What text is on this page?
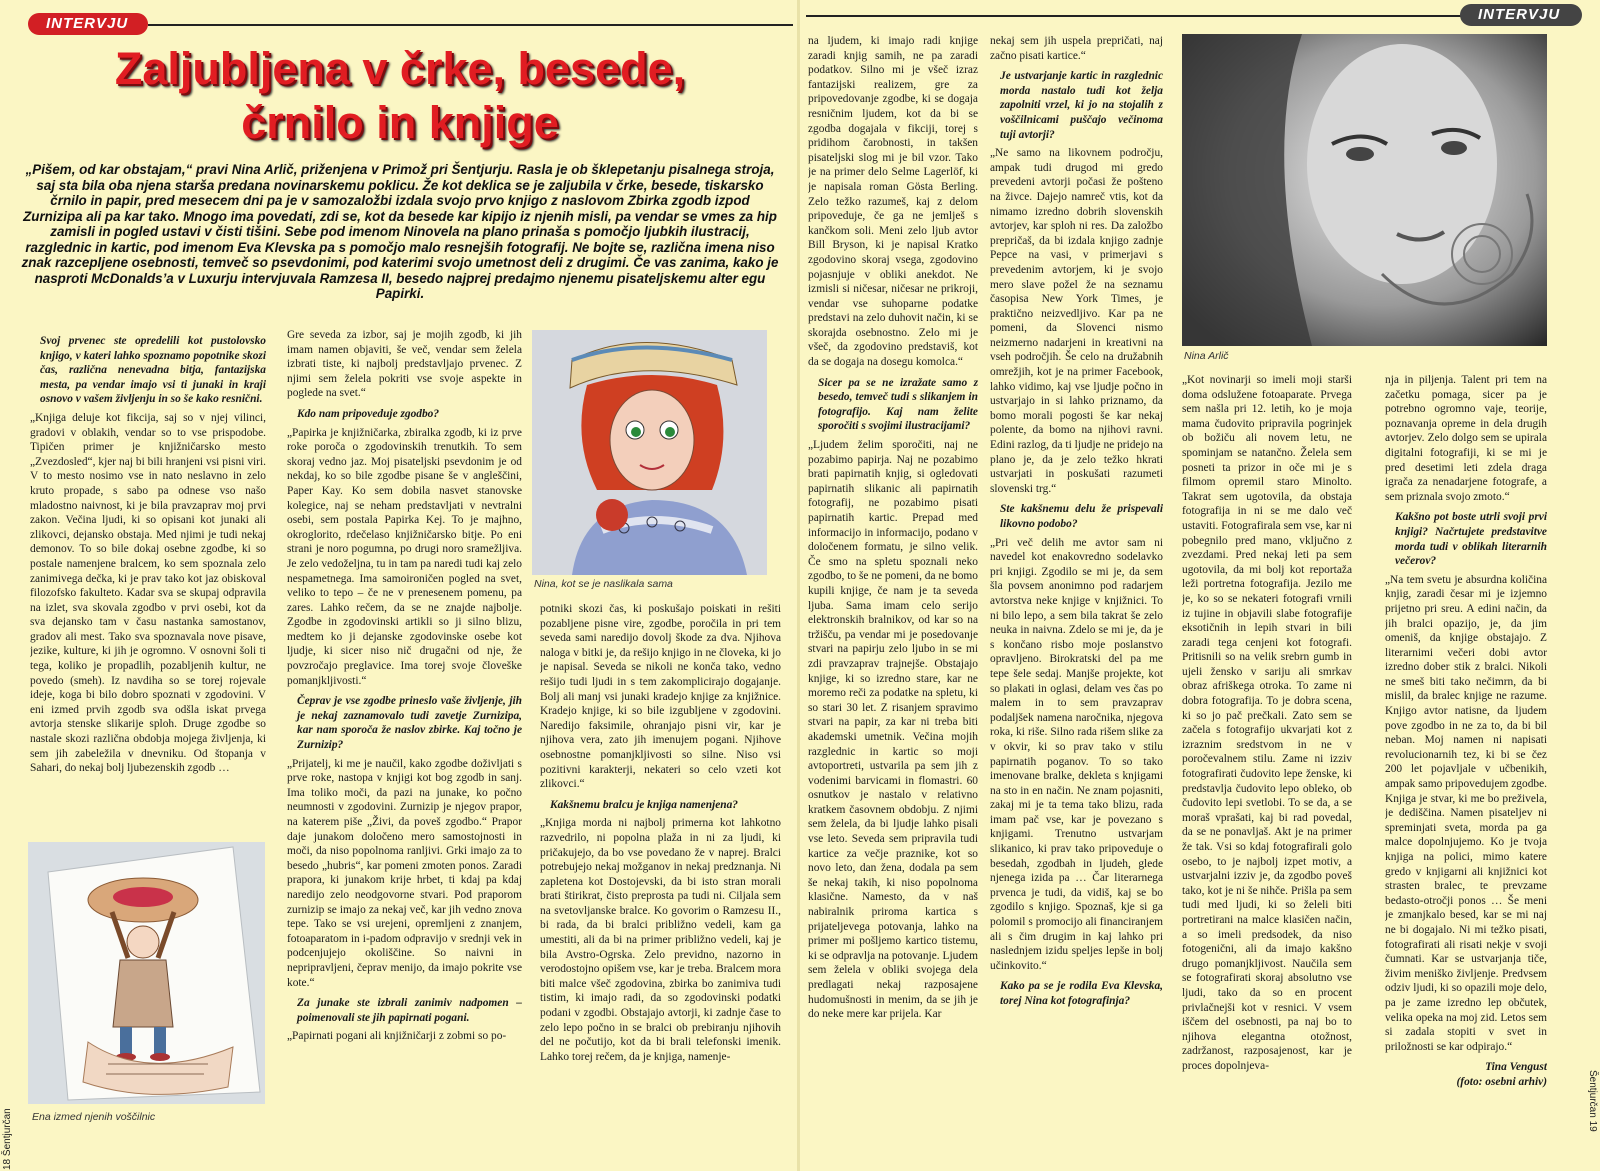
INTERVJU
Zaljubljena v črke, besede,
črnilo in knjige

„Pišem, od kar obstajam,“ pravi Nina Arlič, priženjena v Primož pri Šentjurju. Rasla je ob šklepetanju pisalnega stroja, saj sta bila oba njena starša predana novinarskemu poklicu. Že kot deklica se je zaljubila v črke, besede, tiskarsko črnilo in papir, pred mesecem dni pa je v samozaložbi izdala svojo prvo knjigo z naslovom Zbirka zgodb izpod Zurnizipa ali pa kar tako. Mnogo ima povedati, zdi se, kot da besede kar kipijo iz njenih misli, pa vendar se vmes za hip zamisli in pogled ustavi v čisti tišini. Sebe pod imenom Ninovela na plano prinaša s pomočjo ljubkih ilustracij, razglednic in kartic, pod imenom Eva Klevska pa s pomočjo malo resnejših fotografij. Ne bojte se, različna imena niso znak razcepljene osebnosti, temveč so psevdonimi, pod katerimi svojo umetnost deli z drugimi. Če vas zanima, kako je nasproti McDonalds’a v Luxurju intervjuvala Ramzesa II, besedo najprej predajmo njenemu pisateljskemu alter egu Papirki.

Svoj prvenec ste opredelili kot pustolovsko knjigo, v kateri lahko spoznamo popotnike skozi čas, različna nenevadna bitja, fantazijska mesta, pa vendar imajo vsi ti junaki in kraji osnovo v vašem življenju in so še kako resnični.

„Knjiga deluje kot fikcija, saj so v njej vilinci, gradovi v oblakih, vendar so to vse prispodobe. Tipičen primer je knjižničarsko mesto „Zvezdosled“, kjer naj bi bili hranjeni vsi pisni viri. V to mesto nosimo vse in nato neslavno in zelo kruto propade, s sabo pa odnese vso našo mladostno naivnost, ki je bila pravzaprav moj prvi zakon. Večina ljudi, ki so opisani kot junaki ali zlikovci, dejansko obstaja. Med njimi je tudi nekaj demonov. To so bile dokaj osebne zgodbe, ki so postale namenjene bralcem, ko sem spoznala zelo zanimivega dečka, ki je prav tako kot jaz obiskoval filozofsko fakulteto. Kadar sva se skupaj odpravila na izlet, sva skovala zgodbo v prvi osebi, kot da sva dejansko tam v času nastanka samostanov, gradov ali mest. Tako sva spoznavala nove pisave, jezike, kulture, ki jih je ogromno. V osnovni šoli ti tega, koliko je propadlih, pozabljenih kultur, ne povedo (smeh). Iz navdiha so se torej rojevale ideje, koga bi bilo dobro spoznati v zgodovini. V eni izmed prvih zgodb sva odšla iskat prvega avtorja stenske slikarije sploh. Druge zgodbe so nastale skozi različna obdobja mojega življenja, ki sem jih zabeležila v dnevniku. Od štopanja v Sahari, do nekaj bolj ljubezenskih zgodb …

Gre seveda za izbor, saj je mojih zgodb, ki jih imam namen objaviti, še več, vendar sem želela izbrati tiste, ki najbolj predstavljajo prvenec. Z njimi sem želela pokriti vse svoje aspekte in poglede na svet.“

Kdo nam pripoveduje zgodbo?

„Papirka je knjižničarka, zbiralka zgodb, ki iz prve roke poroča o zgodovinskih trenutkih. To sem skoraj vedno jaz. Moj pisateljski psevdonim je od nekdaj, ko so bile zgodbe pisane še v angleščini, Paper Kay. Ko sem dobila nasvet stanovske kolegice, naj se neham predstavljati v nevtralni osebi, sem postala Papirka Kej. To je majhno, okroglorito, rdečelaso knjižničarsko bitje. Po eni strani je noro pogumna, po drugi noro sramežljiva. Je zelo vedoželjna, tu in tam pa naredi tudi kaj zelo nespametnega. Ima samoironičen pogled na svet, veliko to tepo – če ne v prenesenem pomenu, pa zares. Lahko rečem, da se ne znajde najbolje. Zgodbe in zgodovinski artikli so ji silno blizu, medtem ko ji dejanske zgodovinske osebe kot ljudje, ki sicer niso nič drugačni od nje, že povzročajo preglavice. Ima torej svoje človeške pomanjkljivosti.“

Čeprav je vse zgodbe prineslo vaše življenje, jih je nekaj zaznamovalo tudi zavetje Zurnizipa, kar nam sporoča že naslov zbirke. Kaj točno je Zurnizip?

„Prijatelj, ki me je naučil, kako zgodbe doživljati s prve roke, nastopa v knjigi kot bog zgodb in sanj. Ima toliko moči, da pazi na junake, ko počno neumnosti v zgodovini. Zurnizip je njegov prapor, na katerem piše „Živi, da poveš zgodbo.“ Prapor daje junakom določeno mero samostojnosti in moči, da niso popolnoma ranljivi. Grki imajo za to besedo „hubris“, kar pomeni zmoten ponos. Zaradi prapora, ki junakom krije hrbet, ti kdaj pa kdaj naredijo zelo neodgovorne stvari. Pod praporom zurnizip se imajo za nekaj več, kar jih vedno znova tepe. Tako se vsi urejeni, opremljeni z znanjem, fotoaparatom in i-padom odpravijo v srednji vek in podcenjujejo okoliščine. So naivni in nepripravljeni, čeprav menijo, da imajo pokrite vse kote.“

Za junake ste izbrali zanimiv nadpomen – poimenovali ste jih papirnati pogani.

„Papirnati pogani ali knjižničarji z zobmi so po-

potniki skozi čas, ki poskušajo poiskati in rešiti pozabljene pisne vire, zgodbe, poročila in pri tem seveda sami naredijo dovolj škode za dva. Njihova naloga v bitki je, da rešijo knjigo in ne človeka, ki jo je napisal. Seveda se nikoli ne konča tako, vedno rešijo tudi ljudi in s tem zakomplicirajo dogajanje. Bolj ali manj vsi junaki kradejo knjige za knjižnice. Kradejo knjige, ki so bile izgubljene v zgodovini. Naredijo faksimile, ohranjajo pisni vir, kar je njihova vera, zato jih imenujem pogani. Njihove osebnostne pomanjkljivosti so silne. Niso vsi pozitivni karakterji, nekateri so celo vzeti kot zlikovci.“

Kakšnemu bralcu je knjiga namenjena?

„Knjiga morda ni najbolj primerna kot lahkotno razvedrilo, ni popolna plaža in ni za ljudi, ki pričakujejo, da bo vse povedano že v naprej. Bralci potrebujejo nekaj možganov in nekaj predznanja. Ni zapletena kot Dostojevski, da bi isto stran morali brati štirikrat, čisto preprosta pa tudi ni. Ciljala sem na svetovljanske bralce. Ko govorim o Ramzesu II., bi rada, da bi bralci približno vedeli, kam ga umestiti, ali da bi na primer približno vedeli, kaj je bila Avstro-Ogrska. Zelo previdno, nazorno in verodostojno opišem vse, kar je treba. Bralcem mora biti malce všeč zgodovina, zbirka bo zanimiva tudi tistim, ki imajo radi, da so zgodovinski podatki podani v zgodbi. Obstajajo avtorji, ki zadnje čase to zelo lepo počno in se bralci ob prebiranju njihovih del ne počutijo, kot da bi brali telefonski imenik. Lahko torej rečem, da je knjiga, namenje-

Ena izmed njenih voščilnic
Nina, kot se je naslikala sama
18 Šentjurčan
INTERVJU

na ljudem, ki imajo radi knjige zaradi knjig samih, ne pa zaradi podatkov. Silno mi je všeč izraz fantazijski realizem, gre za pripovedovanje zgodbe, ki se dogaja resničnim ljudem, kot da bi se zgodba dogajala v fikciji, torej s pridihom čarobnosti, in takšen pisateljski slog mi je bil vzor. Tako je na primer delo Selme Lagerlöf, ki je napisala roman Gösta Berling. Zelo težko razumeš, kaj z delom pripoveduje, če ga ne jemlješ s kančkom soli. Meni zelo ljub avtor Bill Bryson, ki je napisal Kratko zgodovino skoraj vsega, zgodovino pojasnjuje v obliki anekdot. Ne izmisli si ničesar, ničesar ne prikroji, vendar vse suhoparne podatke predstavi na zelo duhovit način, ki se skorajda osebnostno. Zelo mi je všeč, da zgodovino predstaviš, kot da se dogaja na dosegu komolca.“

Sicer pa se ne izražate samo z besedo, temveč tudi s slikanjem in fotografijo. Kaj nam želite sporočiti s svojimi ilustracijami?

„Ljudem želim sporočiti, naj ne pozabimo papirja. Naj ne pozabimo brati papirnatih knjig, si ogledovati papirnatih slikanic ali papirnatih fotografij, ne pozabimo pisati papirnatih kartic. Prepad med informacijo in informacijo, podano v določenem formatu, je silno velik. Če smo na spletu spoznali neko zgodbo, to še ne pomeni, da ne bomo kupili knjige, če nam je ta seveda ljuba. Sama imam celo serijo elektronskih bralnikov, od kar so na tržišču, pa vendar mi je posedovanje stvari na papirju zelo ljubo in se mi zdi pravzaprav trajnejše. Obstajajo knjige, ki so izredno stare, kar ne moremo reči za podatke na spletu, ki so stari 30 let. Z risanjem spravimo stvari na papir, za kar ni treba biti akademski umetnik. Večina mojih razglednic in kartic so moji avtoportreti, ustvarila pa sem jih z vodenimi barvicami in flomastri. 60 osnutkov je nastalo v relativno kratkem časovnem obdobju. Z njimi sem želela, da bi ljudje lahko pisali vse leto. Seveda sem pripravila tudi kartice za večje praznike, kot so novo leto, dan žena, dodala pa sem še nekaj takih, ki niso popolnoma klasične. Namesto, da v naš nabiralnik priroma kartica s prijateljevega potovanja, lahko na primer mi pošljemo kartico tistemu, ki se odpravlja na potovanje. Ljudem sem želela v obliki svojega dela predlagati nekaj razposajene hudomušnosti in menim, da se jih je do neke mere kar prijela. Kar

nekaj sem jih uspela prepričati, naj začno pisati kartice.“

Je ustvarjanje kartic in razglednic morda nastalo tudi kot želja zapolniti vrzel, ki jo na stojalih z voščilnicami puščajo večinoma tuji avtorji?

„Ne samo na likovnem področju, ampak tudi drugod mi gredo prevedeni avtorji počasi že pošteno na živce. Dajejo namreč vtis, kot da nimamo izredno dobrih slovenskih avtorjev, kar sploh ni res. Da založbo prepričaš, da bi izdala knjigo zadnje Pepce na vasi, v primerjavi s prevedenim avtorjem, ki je svojo mero slave požel že na seznamu časopisa New York Times, je praktično neizvedljivo. Kar pa ne pomeni, da Slovenci nismo neizmerno nadarjeni in kreativni na vseh področjih. Še celo na družabnih omrežjih, kot je na primer Facebook, lahko vidimo, kaj vse ljudje počno in ustvarjajo in si lahko priznamo, da bomo morali pogosti še kar nekaj polente, da bomo na njihovi ravni. Edini razlog, da ti ljudje ne pridejo na plano je, da je zelo težko hkrati ustvarjati in poskušati razumeti slovenski trg.“

Ste kakšnemu delu že prispevali likovno podobo?

„Pri več delih me avtor sam ni navedel kot enakovredno sodelavko pri knjigi. Zgodilo se mi je, da sem šla povsem anonimno pod radarjem avtorstva neke knjige v knjižnici. To ni bilo lepo, a sem bila takrat še zelo neuka in naivna. Zdelo se mi je, da je s končano risbo moje poslanstvo opravljeno. Birokratski del pa me tepe šele sedaj. Manjše projekte, kot so plakati in oglasi, delam ves čas po malem in to sem pravzaprav podaljšek namena naročnika, njegova roka, ki riše. Silno rada rišem slike za v okvir, ki so prav tako v stilu papirnatih poganov. To so tako imenovane bralke, dekleta s knjigami na sto in en način. Ne znam pojasniti, zakaj mi je ta tema tako blizu, rada imam pač vse, kar je povezano s knjigami. Trenutno ustvarjam slikanico, ki prav tako pripoveduje o besedah, zgodbah in ljudeh, glede njenega izida pa … Čar literarnega prvenca je tudi, da vidiš, kaj se bo zgodilo s knjigo. Spoznaš, kje si ga polomil s promocijo ali financiranjem ali s čim drugim in kaj lahko pri naslednjem izidu speljes lepše in bolj učinkovito.“

Kako pa se je rodila Eva Klevska, torej Nina kot fotografinja?

Nina Arlič

„Kot novinarji so imeli moji starši doma odslužene fotoaparate. Prvega sem našla pri 12. letih, ko je moja mama čudovito pripravila pogrinjek ob božiču ali novem letu, ne spominjam se natančno. Želela sem posneti ta prizor in oče mi je s filmom opremil staro Minolto. Takrat sem ugotovila, da obstaja fotografija in ni se me dalo več ustaviti. Fotografirala sem vse, kar ni pobegnilo pred mano, vključno z zvezdami. Pred nekaj leti pa sem ugotovila, da mi bolj kot reportaža leži portretna fotografija. Jezilo me je, ko so se nekateri fotografi vrnili iz tujine in objavili slabe fotografije eksotičnih in lepih stvari in bili zaradi tega cenjeni kot fotografi. Pritisnili so na velik srebrn gumb in ujeli žensko v sariju ali smrkav obraz afriškega otroka. To zame ni dobra fotografija. To je dobra scena, ki so jo pač prečkali. Zato sem se začela s fotografijo ukvarjati kot z izraznim sredstvom in ne v poročevalnem stilu. Zame ni izziv fotografirati čudovito lepe ženske, ki predstavlja čudovito lepo obleko, ob čudovito lepi svetlobi. To se da, a se moraš vprašati, kaj bi rad povedal, da se ne ponavljaš. Akt je na primer že tak. Vsi so kdaj fotografirali golo osebo, to je najbolj izpet motiv, a ustvarjalni izziv je, da zgodbo poveš tako, kot je ni še nihče. Prišla pa sem tudi med ljudi, ki so želeli biti portretirani na malce klasičen način, a so imeli predsodek, da niso fotogenični, ali da imajo kakšno drugo pomanjkljivost. Naučila sem se fotografirati skoraj absolutno vse ljudi, tako da so en procent privlačnejši kot v resnici. V vsem iščem del osebnosti, pa naj bo to njihova elegantna otožnost, zadržanost, razposajenost, kar je proces dopolnjeva-

nja in piljenja. Talent pri tem na začetku pomaga, sicer pa je potrebno ogromno vaje, teorije, poznavanja opreme in dela drugih avtorjev. Zelo dolgo sem se upirala digitalni fotografiji, ki se mi je pred desetimi leti zdela draga igrača za nenadarjene fotografe, a sem priznala svojo zmoto.“

Kakšno pot boste utrli svoji prvi knjigi? Načrtujete predstavitve morda tudi v oblikah literarnih večerov?

„Na tem svetu je absurdna količina knjig, zaradi česar mi je izjemno prijetno pri sreu. A edini način, da jih bralci opazijo, je, da jim omeniš, da knjige obstajajo. Z literarnimi večeri dobi avtor izredno dober stik z bralci. Nikoli ne smeš biti tako nečimrn, da bi mislil, da bralec knjige ne razume. Knjigo avtor natisne, da ljudem pove zgodbo in ne za to, da bi bil neban. Moj namen ni napisati revolucionarnih tez, ki bi se čez 200 let pojavljale v učbenikih, ampak samo pripovedujem zgodbe. Knjiga je stvar, ki me bo preživela, je dediščina. Namen pisateljev ni spreminjati sveta, morda pa ga malce dopolnjujemo. Ko je tvoja knjiga na polici, mimo katere gredo v knjigarni ali knjižnici kot strasten bralec, te prevzame bedasto-otročji ponos … Še meni je zmanjkalo besed, kar se mi naj ne bi dogajalo. Ni mi težko pisati, fotografirati ali risati nekje v svoji čumnati. Kar se ustvarjanja tiče, živim meniško življenje. Predvsem odziv ljudi, ki so opazili moje delo, pa je zame izredno lep občutek, velika opeka na moj zid. Letos sem si zadala stopiti v svet in priložnosti se kar odpirajo.“

Tina Vengust
(foto: osebni arhiv)	Šentjurčan 19
